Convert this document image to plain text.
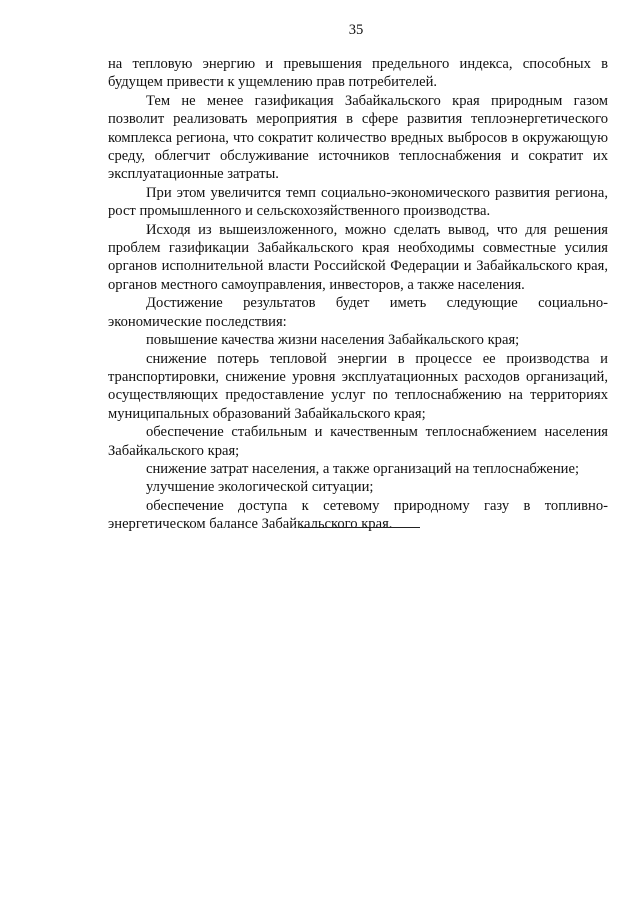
35

на тепловую энергию и превышения предельного индекса, способных в будущем привести к ущемлению прав потребителей.

Тем не менее газификация Забайкальского края природным газом позволит реализовать мероприятия в сфере развития теплоэнергетического комплекса региона, что сократит количество вредных выбросов в окружающую среду, облегчит обслуживание источников теплоснабжения и сократит их эксплуатационные затраты.

При этом увеличится темп социально-экономического развития региона, рост промышленного и сельскохозяйственного производства.

Исходя из вышеизложенного, можно сделать вывод, что для решения проблем газификации Забайкальского края необходимы совместные усилия органов исполнительной власти Российской Федерации и Забайкальского края, органов местного самоуправления, инвесторов, а также населения.

Достижение результатов будет иметь следующие социально-экономические последствия:

повышение качества жизни населения Забайкальского края;

снижение потерь тепловой энергии в процессе ее производства и транспортировки, снижение уровня эксплуатационных расходов организаций, осуществляющих предоставление услуг по теплоснабжению на территориях муниципальных образований Забайкальского края;

обеспечение стабильным и качественным теплоснабжением населения Забайкальского края;

снижение затрат населения, а также организаций на теплоснабжение;

улучшение экологической ситуации;

обеспечение доступа к сетевому природному газу в топливно-энергетическом балансе Забайкальского края.
